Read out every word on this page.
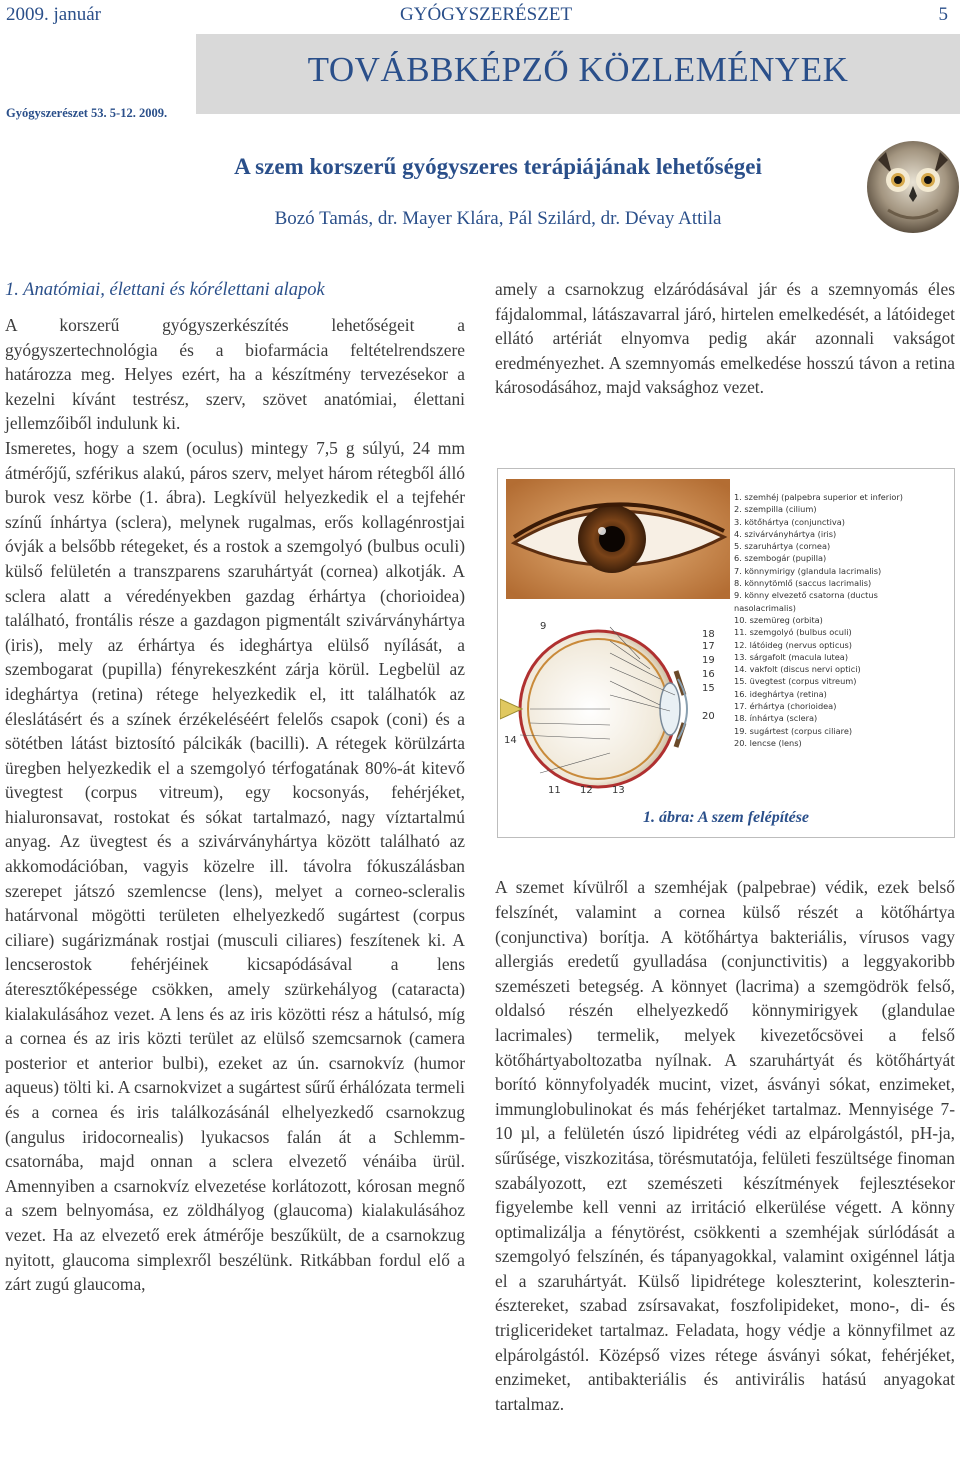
2009. január	GYÓGYSZERÉSZET	5
TOVÁBBKÉPZŐ KÖZLEMÉNYEK
Gyógyszerészet 53. 5-12. 2009.
A szem korszerű gyógyszeres terápiájának lehetőségei
Bozó Tamás, dr. Mayer Klára, Pál Szilárd, dr. Dévay Attila
1. Anatómiai, élettani és kórélettani alapok

A korszerű gyógyszerkészítés lehetőségeit a gyógyszertechnológia és a biofarmácia feltételrendszere határozza meg. Helyes ezért, ha a készítmény tervezésekor a kezelni kívánt testrész, szerv, szövet anatómiai, élettani jellemzőiből indulunk ki.

Ismeretes, hogy a szem (oculus) mintegy 7,5 g súlyú, 24 mm átmérőjű, szférikus alakú, páros szerv, melyet három rétegből álló burok vesz körbe (1. ábra). Legkívül helyezkedik el a tejfehér színű ínhártya (sclera), melynek rugalmas, erős kollagénrostjai óvják a belsőbb rétegeket, és a rostok a szemgolyó (bulbus oculi) külső felületén a transzparens szaruhártyát (cornea) alkotják. A sclera alatt a véredényekben gazdag érhártya (chorioidea) található, frontális része a gazdagon pigmentált szivárványhártya (iris), mely az érhártya és ideghártya elülső nyílását, a szembogarat (pupilla) fényrekeszként zárja körül. Legbelül az ideghártya (retina) rétege helyezkedik el, itt találhatók az éleslátásért és a színek érzékeléséért felelős csapok (coni) és a sötétben látást biztosító pálcikák (bacilli). A rétegek körülzárta üregben helyezkedik el a szemgolyó térfogatának 80%-át kitevő üvegtest (corpus vitreum), egy kocsonyás, fehérjéket, hialuronsavat, rostokat és sókat tartalmazó, nagy víztartalmú anyag. Az üvegtest és a szivárványhártya között található az akkomodációban, vagyis közelre ill. távolra fókuszálásban szerepet játszó szemlencse (lens), melyet a corneo-scleralis határvonal mögötti területen elhelyezkedő sugártest (corpus ciliare) sugárizmának rostjai (musculi ciliares) feszítenek ki. A lencserostok fehérjéinek kicsapódásával a lens áteresztőképessége csökken, amely szürkehályog (cataracta) kialakulásához vezet. A lens és az iris közötti rész a hátulsó, míg a cornea és az iris közti terület az elülső szemcsarnok (camera posterior et anterior bulbi), ezeket az ún. csarnokvíz (humor aqueus) tölti ki. A csarnokvizet a sugártest sűrű érhálózata termeli és a cornea és iris találkozásánál elhelyezkedő csarnokzug (angulus iridocornealis) lyukacsos falán át a Schlemm-csatornába, majd onnan a sclera elvezető vénáiba ürül. Amennyiben a csarnokvíz elvezetése korlátozott, kórosan megnő a szem belnyomása, ez zöldhályog (glaucoma) kialakulásához vezet. Ha az elvezető erek átmérője beszűkült, de a csarnokzug nyitott, glaucoma simplexről beszélünk. Ritkábban fordul elő a zárt zugú glaucoma,

amely a csarnokzug elzáródásával jár és a szemnyomás éles fájdalommal, látászavarral járó, hirtelen emelkedését, a látóideget ellátó artériát elnyomva pedig akár azonnali vakságot eredményezhet. A szemnyomás emelkedése hosszú távon a retina károsodásához, majd vaksághoz vezet.

9
18
17
19
16
15
20
14
11 12 13
1. szemhéj (palpebra superior et inferior)
2. szempilla (cilium)
3. kötőhártya (conjunctiva)
4. szivárványhártya (iris)
5. szaruhártya (cornea)
6. szembogár (pupilla)
7. könnymirigy (glandula lacrimalis)
8. könnytömlő (saccus lacrimalis)
9. könny elvezető csatorna (ductus
nasolacrimalis)
10. szemüreg (orbita)
11. szemgolyó (bulbus oculi)
12. látóideg (nervus opticus)
13. sárgafolt (macula lutea)
14. vakfolt (discus nervi optici)
15. üvegtest (corpus vitreum)
16. ideghártya (retina)
17. érhártya (chorioidea)
18. ínhártya (sclera)
19. sugártest (corpus ciliare)
20. lencse (lens)
1. ábra: A szem felépítése

A szemet kívülről a szemhéjak (palpebrae) védik, ezek belső felszínét, valamint a cornea külső részét a kötőhártya (conjunctiva) borítja. A kötőhártya bakteriális, vírusos vagy allergiás eredetű gyulladása (conjunctivitis) a leggyakoribb szemészeti betegség. A könnyet (lacrima) a szemgödrök felső, oldalsó részén elhelyezkedő könnymirigyek (glandulae lacrimales) termelik, melyek kivezetőcsövei a felső kötőhártyaboltozatba nyílnak. A szaruhártyát és kötőhártyát borító könnyfolyadék mucint, vizet, ásványi sókat, enzimeket, immunglobulinokat és más fehérjéket tartalmaz. Mennyisége 7-10 µl, a felületén úszó lipidréteg védi az elpárolgástól, pH-ja, sűrűsége, viszkozitása, törésmutatója, felületi feszültsége finoman szabályozott, ezt szemészeti készítmények fejlesztésekor figyelembe kell venni az irritáció elkerülése végett. A könny optimalizálja a fénytörést, csökkenti a szemhéjak súrlódását a szemgolyó felszínén, és tápanyagokkal, valamint oxigénnel látja el a szaruhártyát. Külső lipidrétege koleszterint, koleszterin-észtereket, szabad zsírsavakat, foszfolipideket, mono-, di- és triglicerideket tartalmaz. Feladata, hogy védje a könnyfilmet az elpárolgástól. Középső vizes rétege ásványi sókat, fehérjéket, enzimeket, antibakteriális és antivirális hatású anyagokat tartalmaz.
